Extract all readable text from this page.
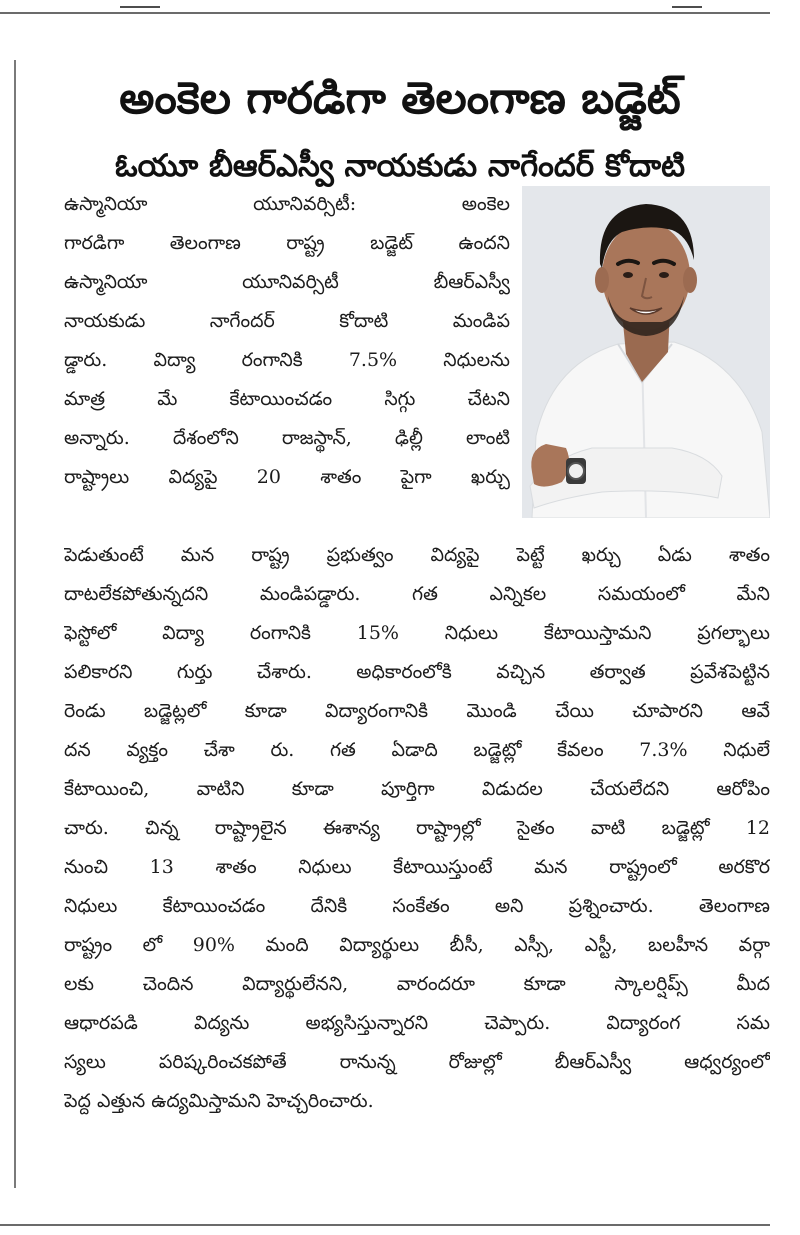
అంకెల గారడిగా తెలంగాణ బడ్జెట్
ఓయూ బీఆర్ఎస్వీ నాయకుడు నాగేందర్ కోదాటి
ఉస్మానియా యూనివర్సిటీ: అంకెల
గారడిగా తెలంగాణ రాష్ట్ర బడ్జెట్ ఉందని
ఉస్మానియా యూనివర్సిటీ బీఆర్ఎస్వీ
నాయకుడు నాగేందర్ కోదాటి మండిప
డ్డారు. విద్యా రంగానికి 7.5% నిధులను
మాత్ర మే కేటాయించడం సిగ్గు చేటని
అన్నారు. దేశంలోని రాజస్థాన్, ఢిల్లీ లాంటి
రాష్ట్రాలు విద్యపై 20 శాతం పైగా ఖర్చు
పెడుతుంటే మన రాష్ట్ర ప్రభుత్వం విద్యపై పెట్టే ఖర్చు ఏడు శాతం
దాటలేకపోతున్నదని మండిపడ్డారు. గత ఎన్నికల సమయంలో మేని
ఫెస్టోలో విద్యా రంగానికి 15% నిధులు కేటాయిస్తామని ప్రగల్భాలు
పలికారని గుర్తు చేశారు. అధికారంలోకి వచ్చిన తర్వాత ప్రవేశపెట్టిన
రెండు బడ్జెట్లలో కూడా విద్యారంగానికి మొండి చేయి చూపారని ఆవే
దన వ్యక్తం చేశా రు. గత ఏడాది బడ్జెట్లో కేవలం 7.3% నిధులే
కేటాయించి, వాటిని కూడా పూర్తిగా విడుదల చేయలేదని ఆరోపిం
చారు. చిన్న రాష్ట్రాలైన ఈశాన్య రాష్ట్రాల్లో సైతం వాటి బడ్జెట్లో 12
నుంచి 13 శాతం నిధులు కేటాయిస్తుంటే మన రాష్ట్రంలో అరకొర
నిధులు కేటాయించడం దేనికి సంకేతం అని ప్రశ్నించారు. తెలంగాణ
రాష్ట్రం లో 90% మంది విద్యార్థులు బీసీ, ఎస్సీ, ఎస్టీ, బలహీన వర్గా
లకు చెందిన విద్యార్థులేనని, వారందరూ కూడా స్కాలర్షిప్స్ మీద
ఆధారపడి విద్యను అభ్యసిస్తున్నారని చెప్పారు. విద్యారంగ సమ
స్యలు పరిష్కరించకపోతే రానున్న రోజుల్లో బీఆర్ఎస్వీ ఆధ్వర్యంలో
పెద్ద ఎత్తున ఉద్యమిస్తామని హెచ్చరించారు.
